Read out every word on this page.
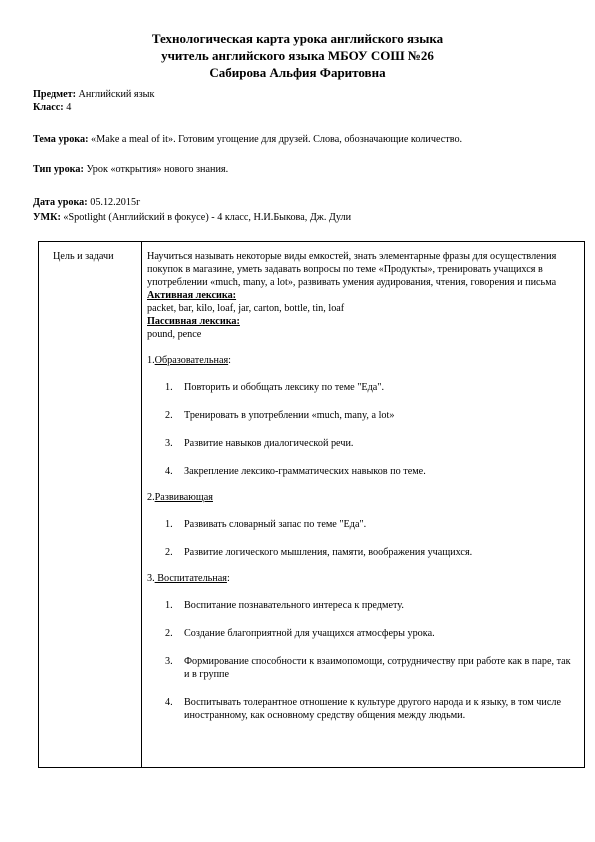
Технологическая карта урока английского языка
учитель английского языка МБОУ СОШ №26
Сабирова Альфия Фаритовна
Предмет: Английский язык
Класс: 4
Тема урока: «Make a meal of it». Готовим угощение для друзей. Слова, обозначающие количество.
Тип урока: Урок «открытия» нового знания.
Дата урока: 05.12.2015г
УМК: «Spotlight (Английский в фокусе) - 4 класс, Н.И.Быкова, Дж. Дули
Цель и задачи	Научиться называть некоторые виды емкостей, знать элементарные фразы для осуществления покупок в магазине, уметь задавать вопросы по теме «Продукты», тренировать учащихся в употреблении «much, many, a lot», развивать умения аудирования, чтения, говорения и письма

Активная лексика:
packet, bar, kilo, loaf, jar, carton, bottle, tin, loaf
Пассивная лексика:
pound, pence
1.Образовательная:
1. Повторить и обобщать лексику по теме "Еда".
2. Тренировать в употреблении «much, many, a lot»
3. Развитие навыков диалогической речи.
4. Закрепление лексико-грамматических навыков по теме.
2.Развивающая
1. Развивать словарный запас по теме "Еда".
2. Развитие логического мышления, памяти, воображения учащихся.
3. Воспитательная:
1. Воспитание познавательного интереса к предмету.
2. Создание благоприятной для учащихся атмосферы урока.
3. Формирование способности к взаимопомощи, сотрудничеству при работе как в паре, так и в группе
4. Воспитывать толерантное отношение к культуре другого народа и к языку, в том числе иностранному, как основному средству общения между людьми.
